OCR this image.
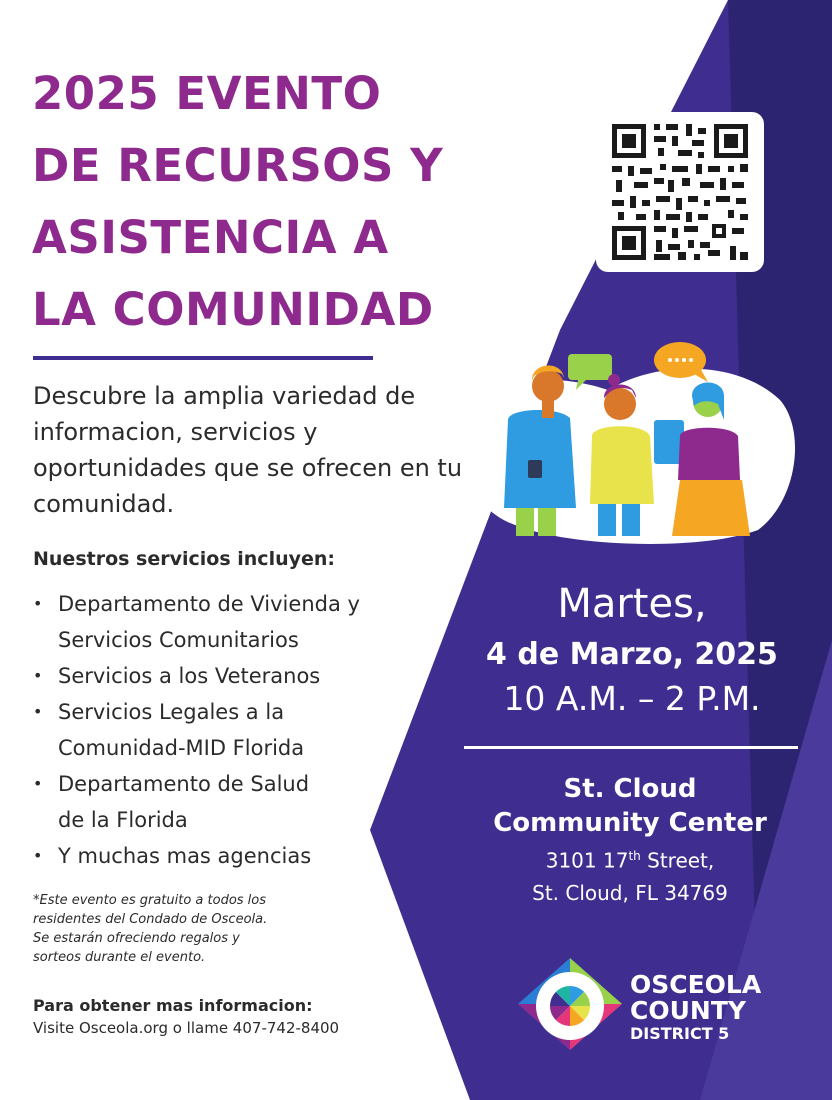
2025 EVENTO
DE RECURSOS Y
ASISTENCIA A
LA COMUNIDAD

Descubre la amplia variedad de informacion, servicios y oportunidades que se ofrecen en tu comunidad.

Nuestros servicios incluyen:

• Departamento de Vivienda y
Servicios Comunitarios
• Servicios a los Veteranos
• Servicios Legales a la
Comunidad-MID Florida
• Departamento de Salud
de la Florida
• Y muchas mas agencias

*Este evento es gratuito a todos los
residentes del Condado de Osceola.
Se estarán ofreciendo regalos y
sorteos durante el evento.

Para obtener mas informacion:

Visite Osceola.org o llame 407-742-8400

Martes,
4 de Marzo, 2025
10 A.M. – 2 P.M.
St. Cloud
Community Center
3101 17th Street,
St. Cloud, FL 34769
OSCEOLA
COUNTY
DISTRICT 5
